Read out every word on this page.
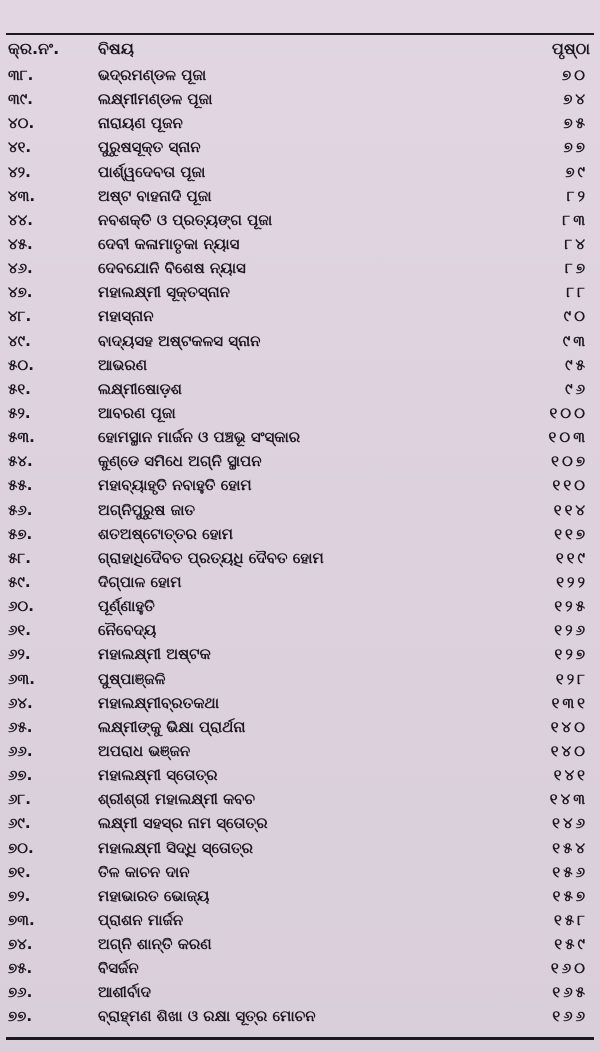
କ୍ର.ନଂ. ବିଷୟ	ପୃଷ୍ଠା
୩୮.	ଭଦ୍ରମଣ୍ଡଳ ପୂଜା	୭୦
୩୯.	ଲକ୍ଷ୍ମୀମଣ୍ଡଳ ପୂଜା	୭୪
୪୦.	ନାରାୟଣ ପୂଜନ	୭୫
୪୧.	ପୁରୁଷସୂକ୍ତ ସ୍ନାନ	୭୭
୪୨.	ପାର୍ଶ୍ୱଦେବତା ପୂଜା	୭୯
୪୩.	ଅଷ୍ଟ ବାହନାଦି ପୂଜା	୮୨
୪୪.	ନବଶକ୍ତି ଓ ପ୍ରତ୍ୟଙ୍ଗ ପୂଜା	୮୩
୪୫.	ଦେବୀ କଳାମାତୃକା ନ୍ୟାସ	୮୪
୪୬.	ଦେବଯୋନି ବିଶେଷ ନ୍ୟାସ	୮୭
୪୭.	ମହାଲକ୍ଷ୍ମୀ ସୂକ୍ତସ୍ନାନ	୮୮
୪୮.	ମହାସ୍ନାନ	୯୦
୪୯.	ବାଦ୍ୟସହ ଅଷ୍ଟକଳସ ସ୍ନାନ	୯୩
୫୦.	ଆଭରଣ	୯୫
୫୧.	ଲକ୍ଷ୍ମୀଷୋଡ଼ଶ	୯୬
୫୨.	ଆବରଣ ପୂଜା	୧୦୦
୫୩.	ହୋମସ୍ଥାନ ମାର୍ଜନ ଓ ପଞ୍ଚଭୂ ସଂସ୍କାର	୧୦୩
୫୪.	କୁଣ୍ଡେ ସମିଧେ ଅଗ୍ନି ସ୍ଥାପନ	୧୦୭
୫୫.	ମହାବ୍ୟାହୃତି ନବାହୁତି ହୋମ	୧୧୦
୫୬.	ଅଗ୍ନିପୁରୁଷ ଜାତ	୧୧୪
୫୭.	ଶତଅଷ୍ଟୋତ୍ତର ହୋମ	୧୧୭
୫୮.	ଗ୍ରାହାଧିଦୈବତ ପ୍ରତ୍ୟଧି ଦୈବତ ହୋମ	୧୧୯
୫୯.	ଦିଗ୍‌ପାଳ ହୋମ	୧୨୨
୬୦.	ପୂର୍ଣ୍ଣାହୁତି	୧୨୫
୬୧.	ନୈବେଦ୍ୟ	୧୨୬
୬୨.	ମହାଲକ୍ଷ୍ମୀ ଅଷ୍ଟକ	୧୨୭
୬୩.	ପୁଷ୍ପାଞ୍ଜଳି	୧୨୮
୬୪.	ମହାଲକ୍ଷ୍ମୀବ୍ରତକଥା	୧୩୧
୬୫.	ଲକ୍ଷ୍ମୀଙ୍କୁ ଭିକ୍ଷା ପ୍ରାର୍ଥନା	୧୪୦
୬୬.	ଅପରାଧ ଭଞ୍ଜନ	୧୪୦
୬୭.	ମହାଲକ୍ଷ୍ମୀ ସ୍ତୋତ୍ର	୧୪୧
୬୮.	ଶ୍ରୀଶ୍ରୀ ମହାଲକ୍ଷ୍ମୀ କବଚ	୧୪୩
୬୯.	ଲକ୍ଷ୍ମୀ ସହସ୍ର ନାମ ସ୍ତୋତ୍ର	୧୪୬
୭୦.	ମହାଲକ୍ଷ୍ମୀ ସିଦ୍ଧି ସ୍ତୋତ୍ର	୧୫୪
୭୧.	ତିଳ କାଚନ ଦାନ	୧୫୬
୭୨.	ମହାଭାରତ ଭୋଜ୍ୟ	୧୫୭
୭୩.	ପ୍ରାଶନ ମାର୍ଜନ	୧୫୮
୭୪.	ଅଗ୍ନି ଶାନ୍ତି କରଣ	୧୫୯
୭୫.	ବିସର୍ଜନ	୧୬୦
୭୬.	ଆଶୀର୍ବାଦ	୧୬୫
୭୭.	ବ୍ରାହ୍ମଣ ଶିଖା ଓ ରକ୍ଷା ସୂତ୍ର ମୋଚନ	୧୬୬
